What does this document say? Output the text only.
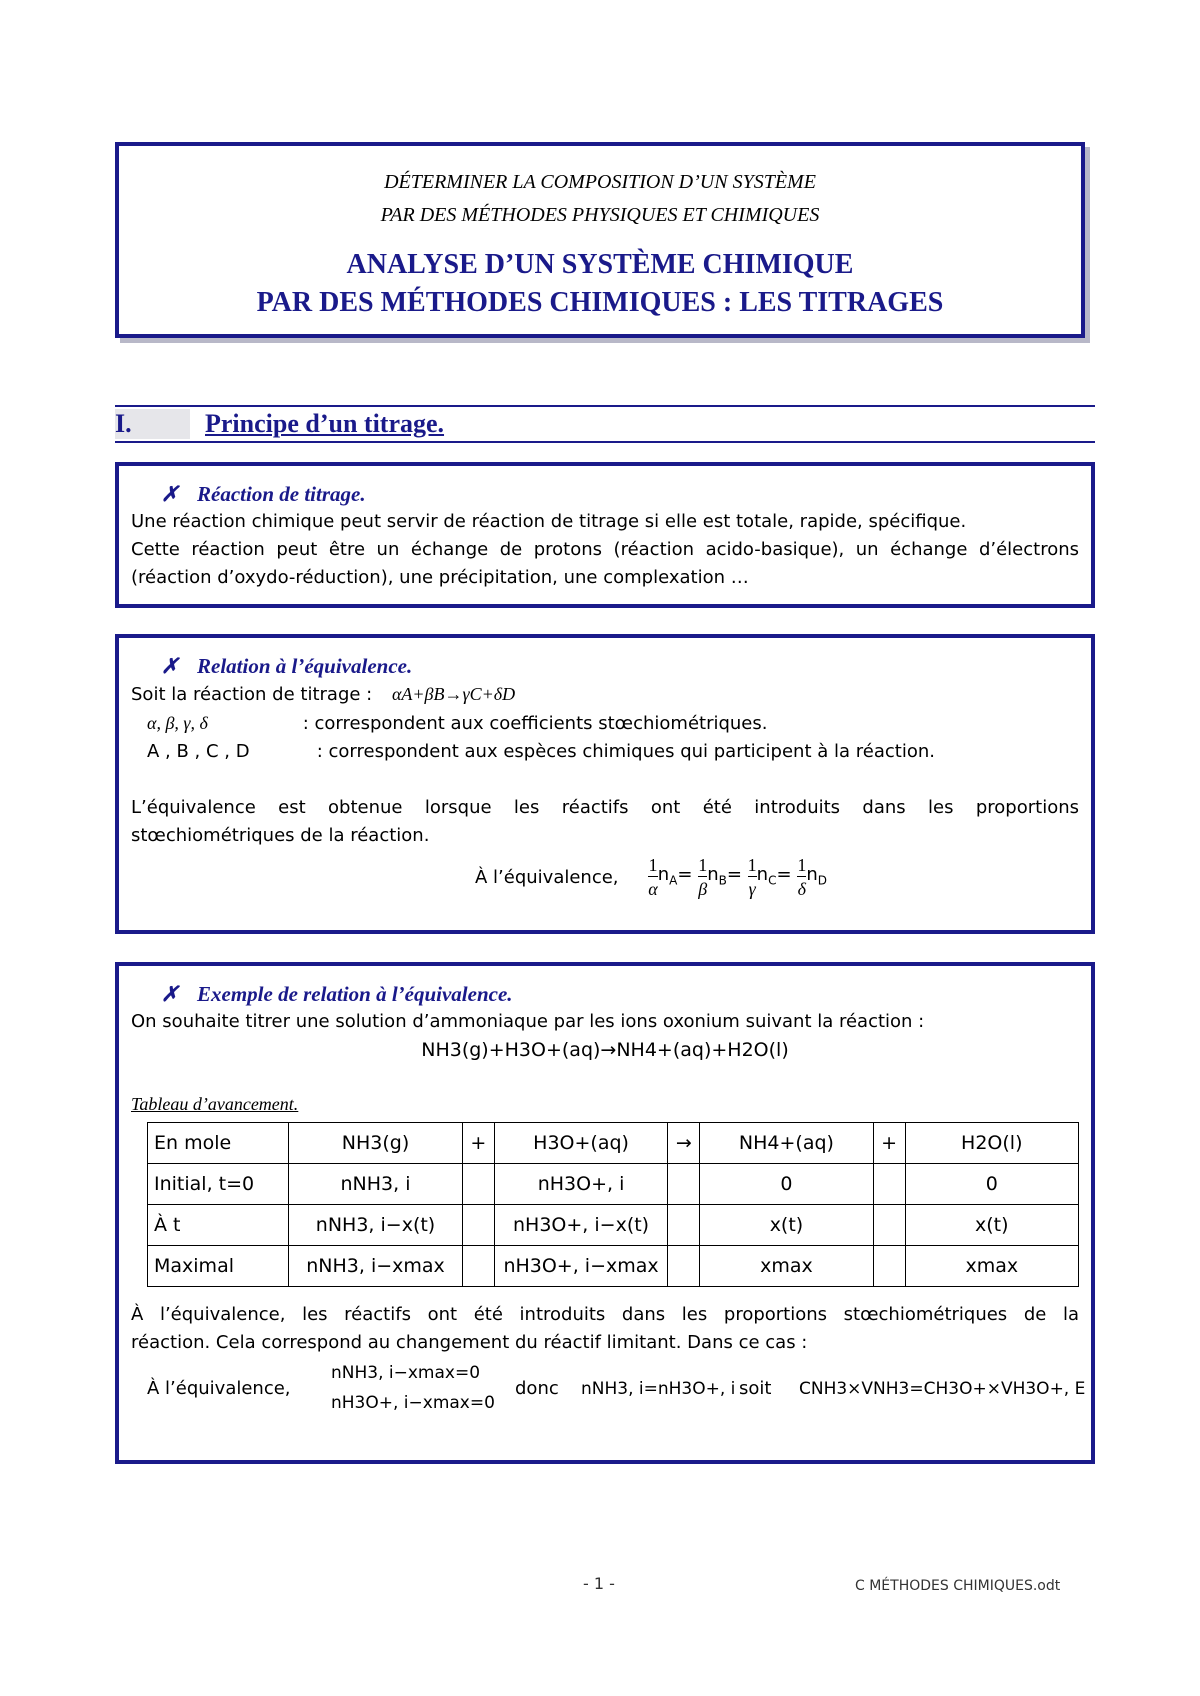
DÉTERMINER LA COMPOSITION D’UN SYSTÈME
PAR DES MÉTHODES PHYSIQUES ET CHIMIQUES
ANALYSE D’UN SYSTÈME CHIMIQUE
PAR DES MÉTHODES CHIMIQUES : LES TITRAGES
I.	Principe d’un titrage.
✗ Réaction de titrage.
Une réaction chimique peut servir de réaction de titrage si elle est totale, rapide, spécifique.
Cette réaction peut être un échange de protons (réaction acido-basique), un échange d’électrons
(réaction d’oxydo-réduction), une précipitation, une complexation …
✗ Relation à l’équivalence.
Soit la réaction de titrage : αA+βB→γC+δD
α, β, γ, δ	: correspondent aux coefficients stœchiométriques.
A , B , C , D	: correspondent aux espèces chimiques qui participent à la réaction.
L’équivalence est obtenue lorsque les réactifs ont été introduits dans les proportions
stœchiométriques de la réaction.
À l’équivalence, $\frac{1}{\alpha} n_A= \frac{1}{\beta} n_B= \frac{1}{\gamma} n_C= \frac{1}{\delta} n_D$
✗ Exemple de relation à l’équivalence.
On souhaite titrer une solution d’ammoniaque par les ions oxonium suivant la réaction :
NH3(g)+H3O+(aq)→NH4+(aq)+H2O(l)
Tableau d’avancement.
En mole	NH3(g)	+	H3O+(aq)	→	NH4+(aq)	+	H2O(l)
Initial, t=0	nNH3, i		nH3O+, i		0		0
À t	nNH3, i−x(t)		nH3O+, i−x(t)		x(t)		x(t)
Maximal	nNH3, i−xmax		nH3O+, i−xmax		xmax		xmax
À l’équivalence, les réactifs ont été introduits dans les proportions stœchiométriques de la
réaction. Cela correspond au changement du réactif limitant. Dans ce cas :
À l’équivalence,
nNH3, i−xmax=0
nH3O+, i−xmax=0
donc nNH3, i=nH3O+, i soit CNH3×VNH3=CH3O+×VH3O+, E
- 1 -	C MÉTHODES CHIMIQUES.odt
